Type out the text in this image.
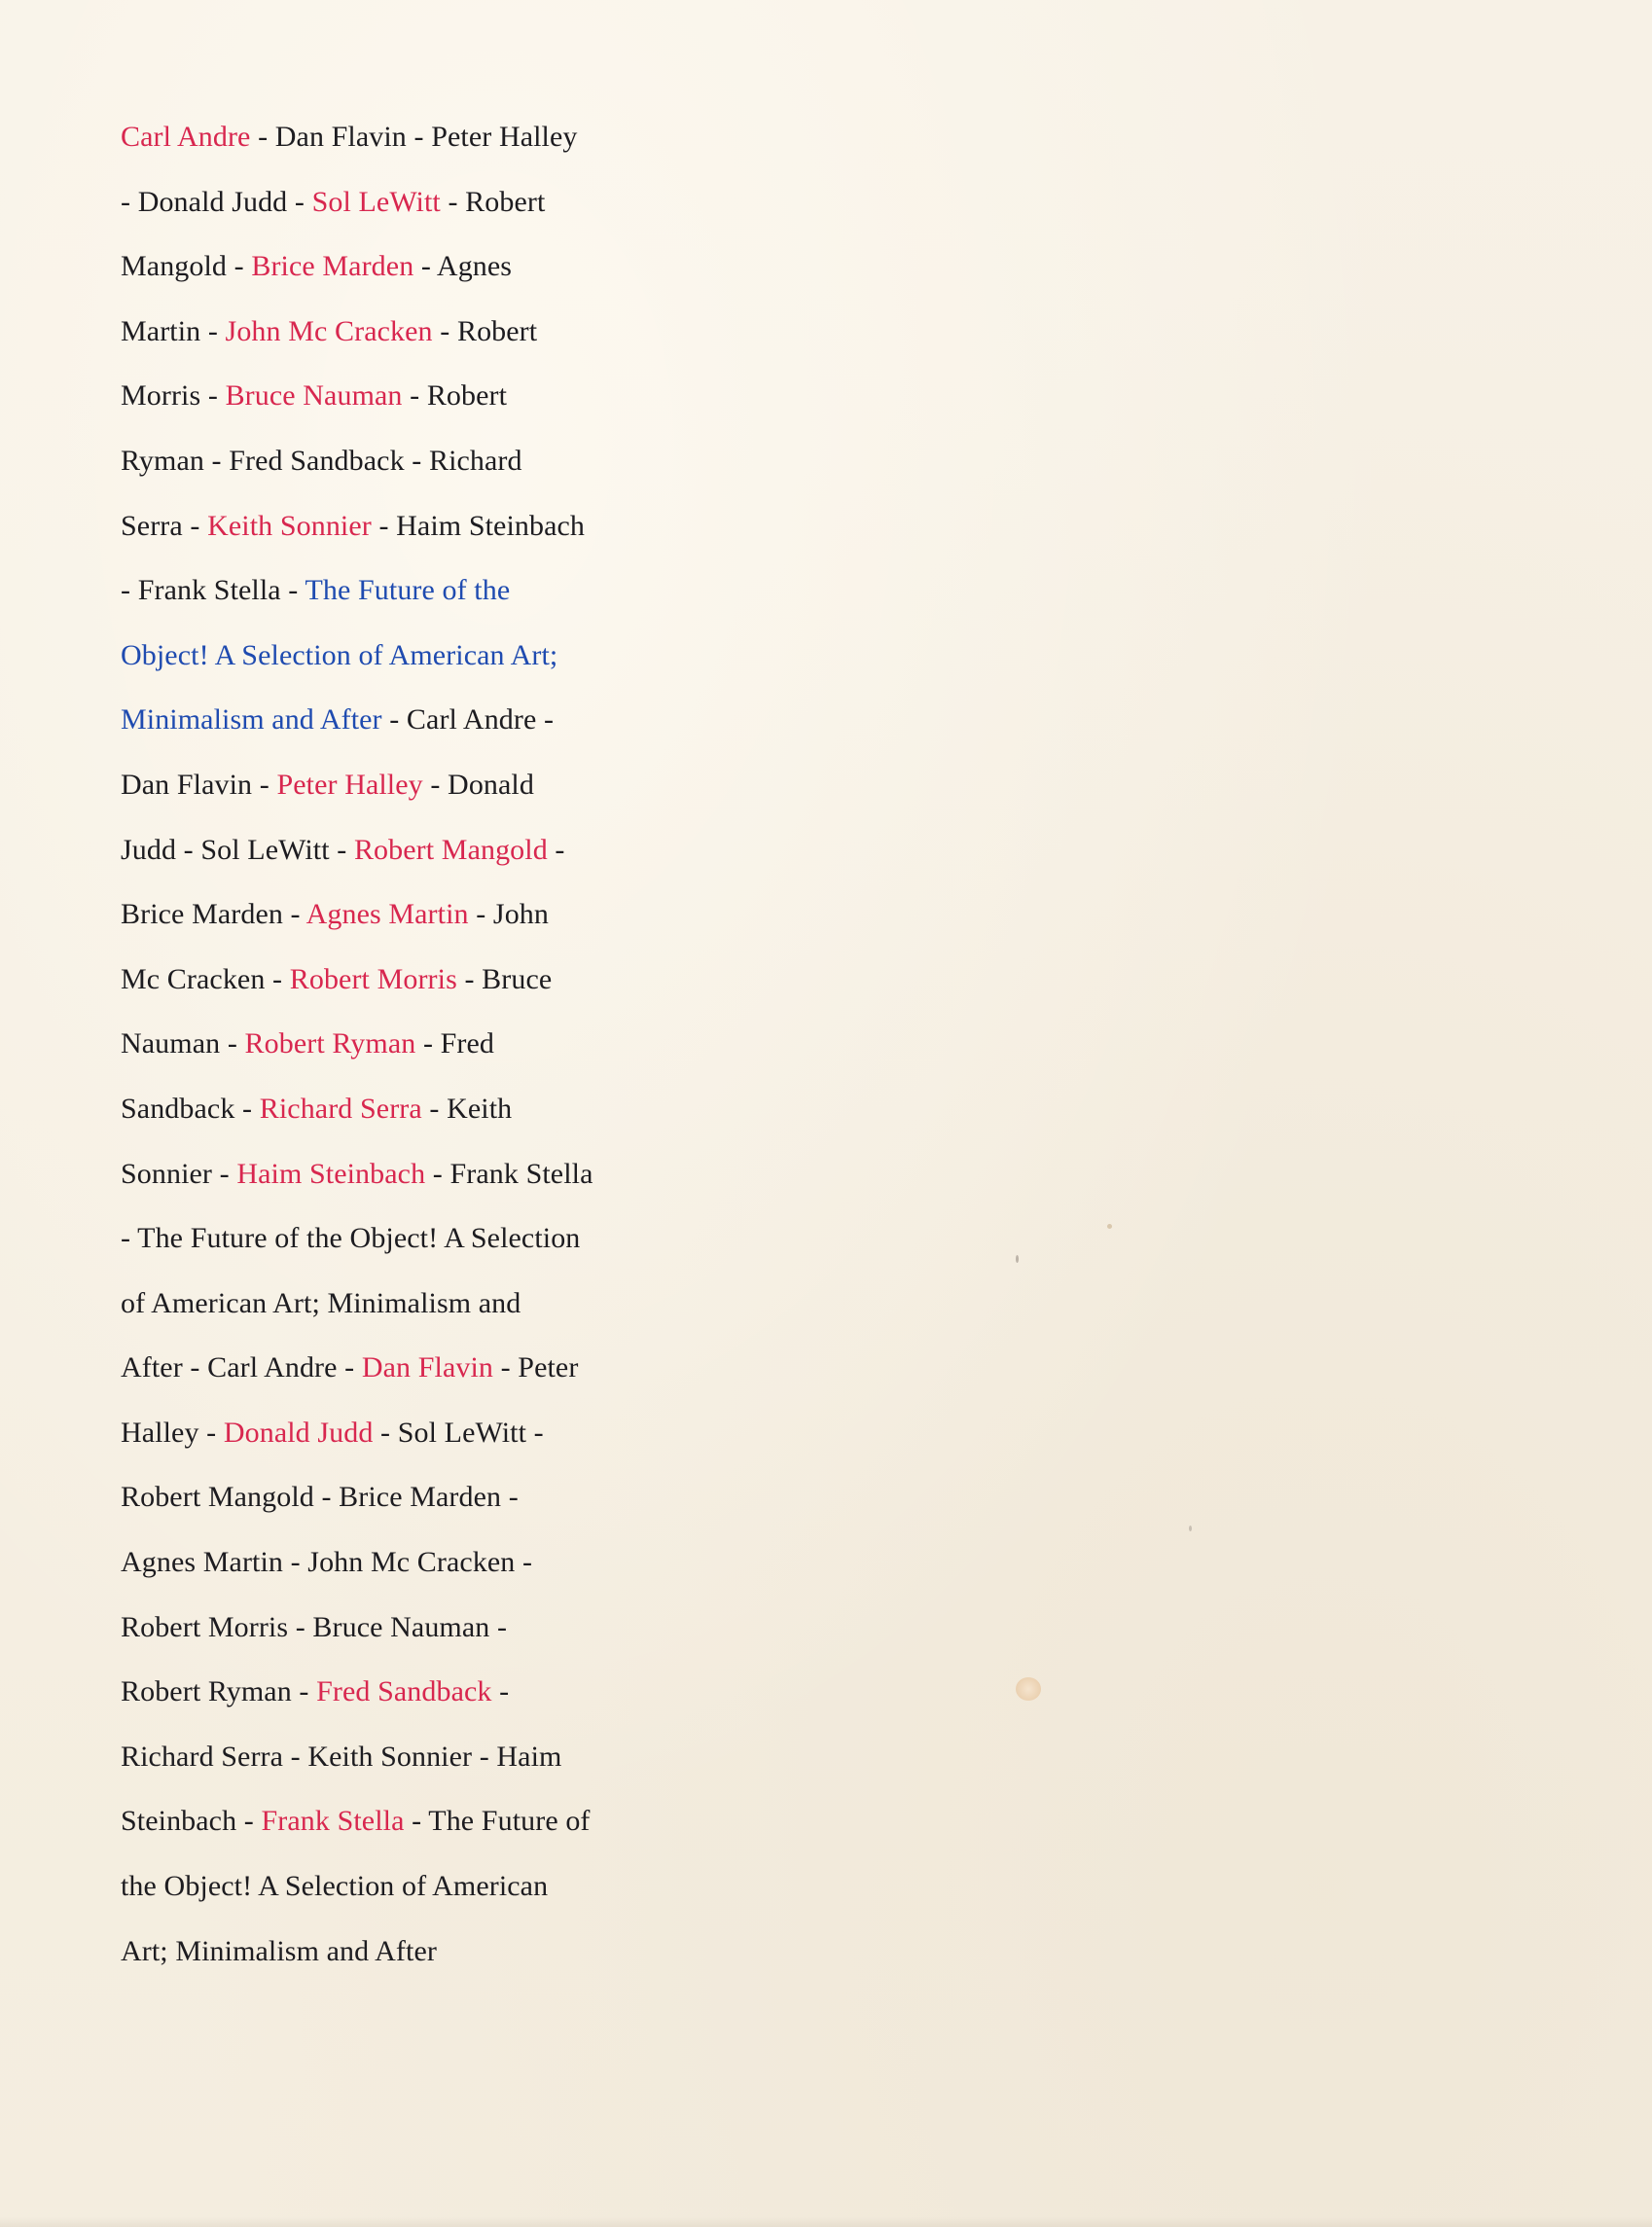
Carl Andre - Dan Flavin - Peter Halley
- Donald Judd - Sol LeWitt - Robert
Mangold - Brice Marden - Agnes
Martin - John Mc Cracken - Robert
Morris - Bruce Nauman - Robert
Ryman - Fred Sandback - Richard
Serra - Keith Sonnier - Haim Steinbach
- Frank Stella - The Future of the
Object! A Selection of American Art;
Minimalism and After - Carl Andre -
Dan Flavin - Peter Halley - Donald
Judd - Sol LeWitt - Robert Mangold -
Brice Marden - Agnes Martin - John
Mc Cracken - Robert Morris - Bruce
Nauman - Robert Ryman - Fred
Sandback - Richard Serra - Keith
Sonnier - Haim Steinbach - Frank Stella
- The Future of the Object! A Selection
of American Art; Minimalism and
After - Carl Andre - Dan Flavin - Peter
Halley - Donald Judd - Sol LeWitt -
Robert Mangold - Brice Marden -
Agnes Martin - John Mc Cracken -
Robert Morris - Bruce Nauman -
Robert Ryman - Fred Sandback -
Richard Serra - Keith Sonnier - Haim
Steinbach - Frank Stella - The Future of
the Object! A Selection of American
Art; Minimalism and After
